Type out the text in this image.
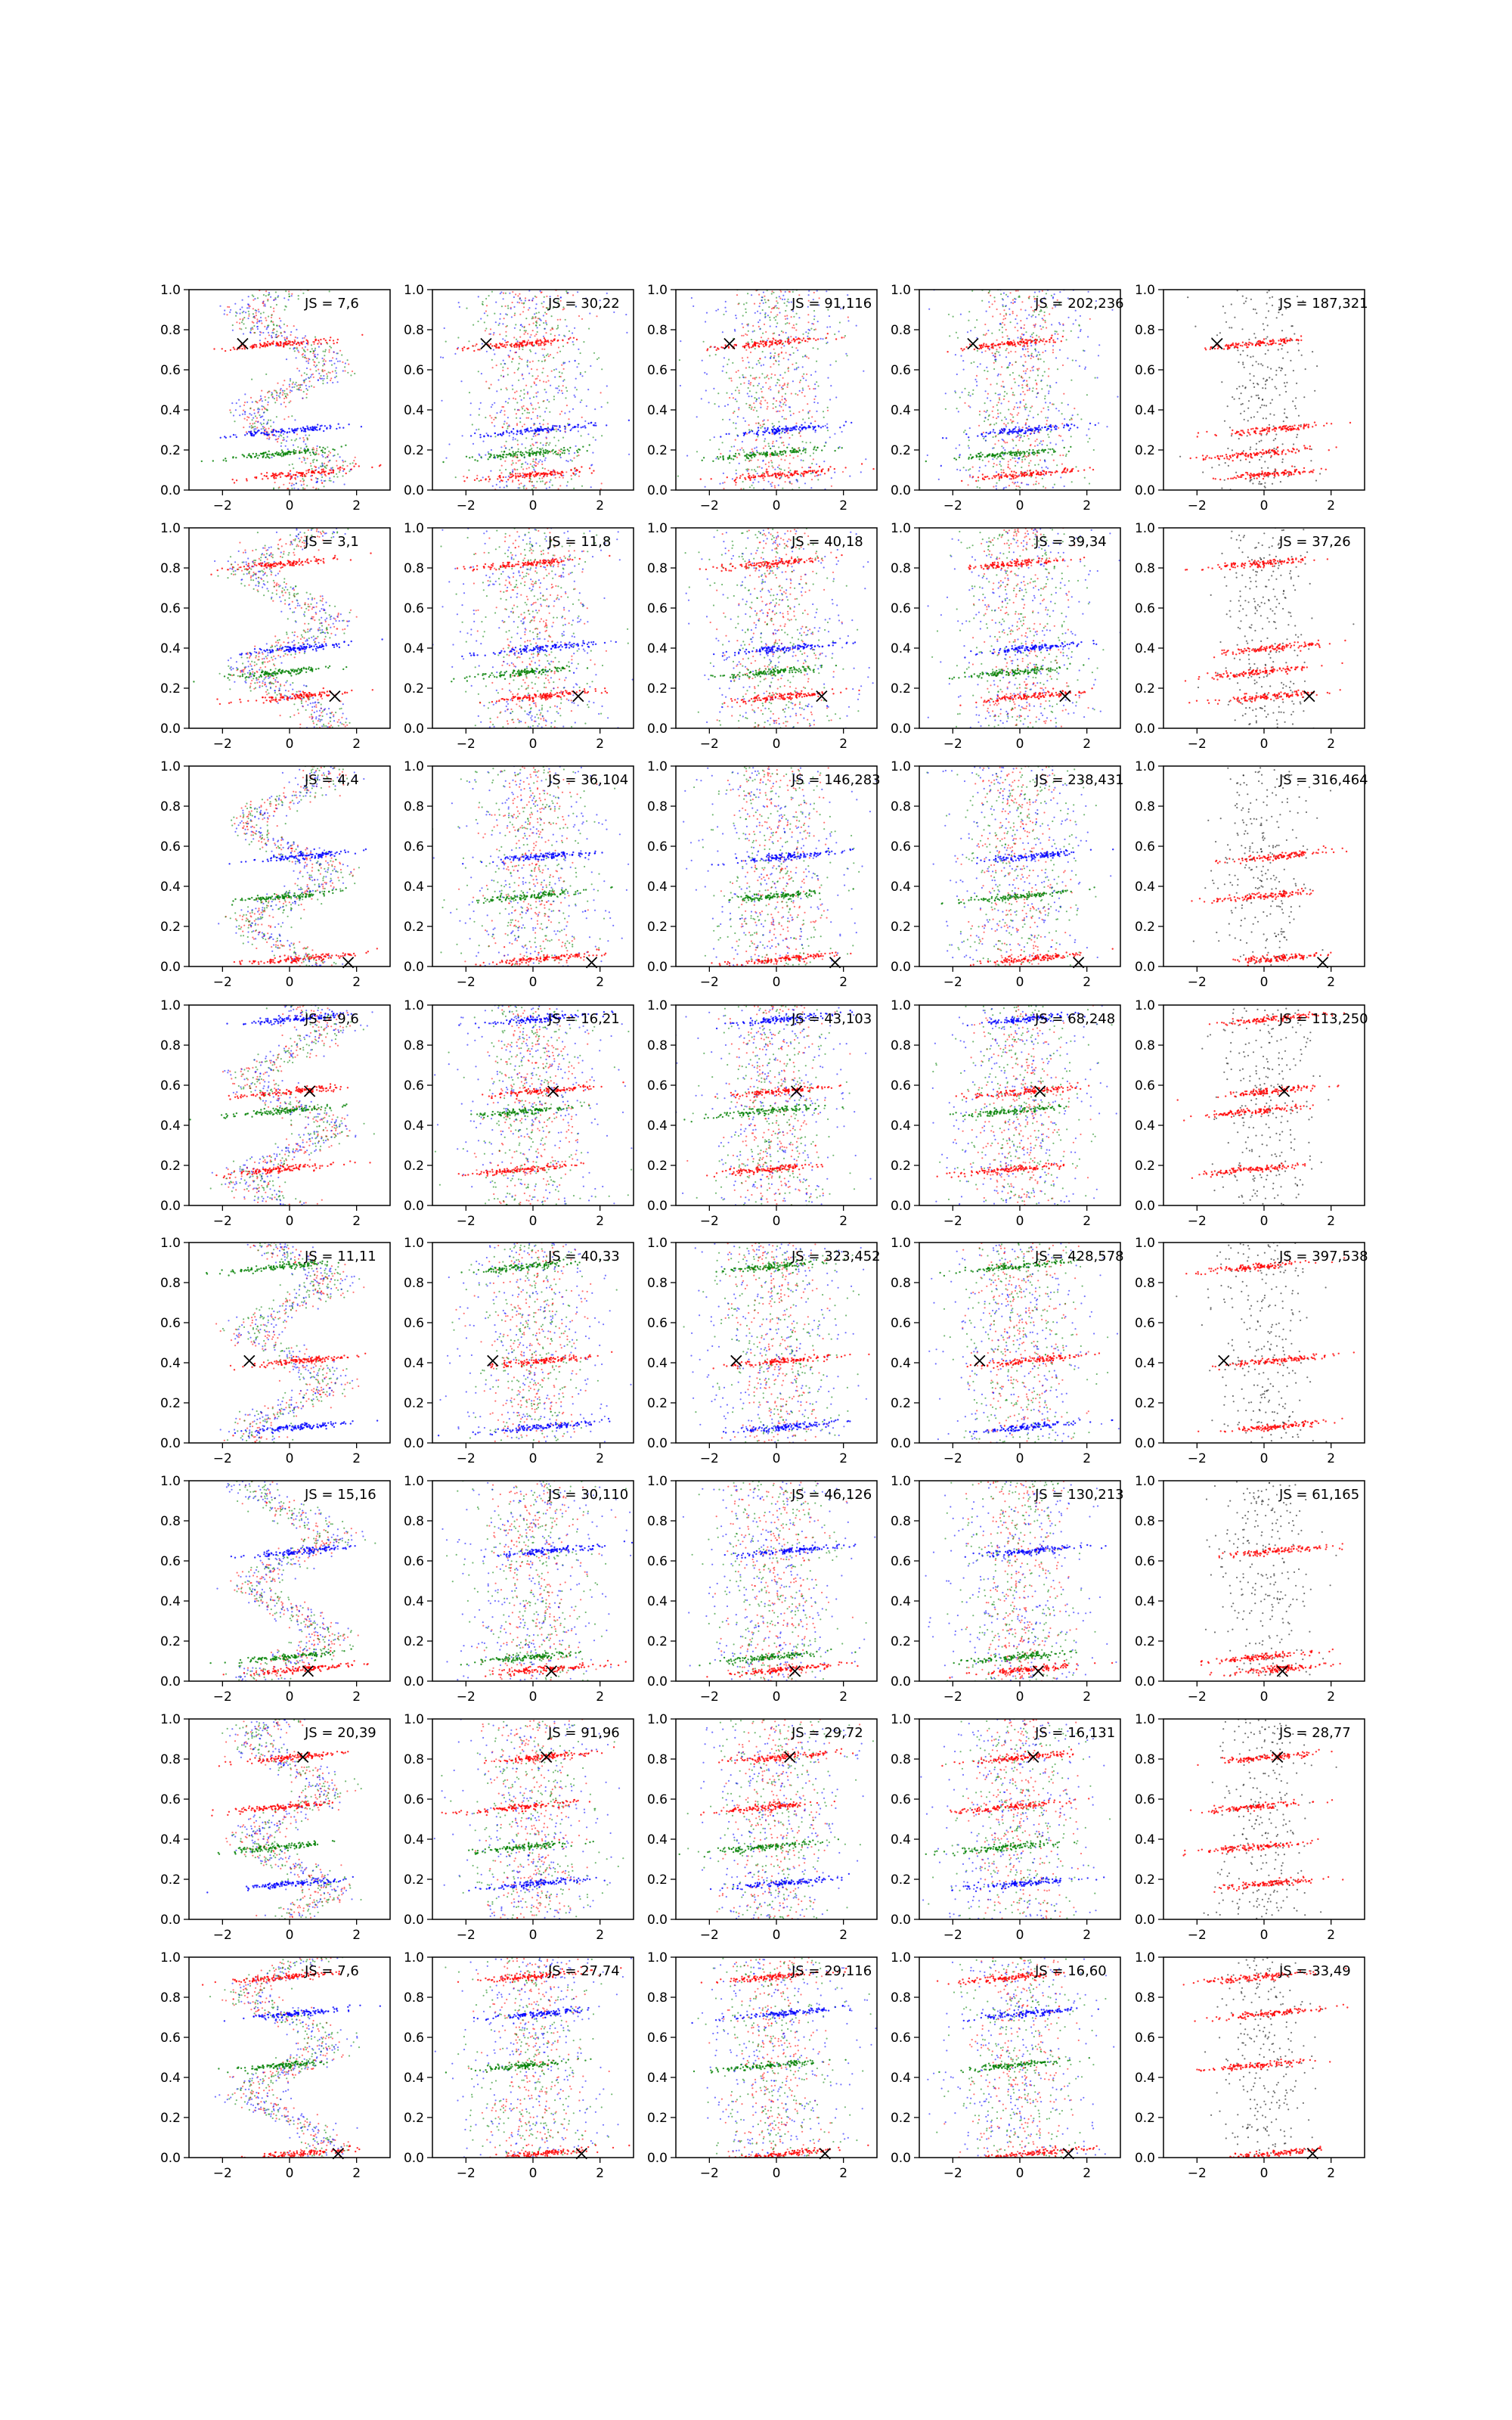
−2	0	2
0.0
0.2
0.4
0.6
0.8
1.0
JS = 7,6
−2	0	2
0.0
0.2
0.4
0.6
0.8
1.0
JS = 30,22
−2	0	2
0.0
0.2
0.4
0.6
0.8
1.0
JS = 91,116
−2	0	2
0.0
0.2
0.4
0.6
0.8
1.0
JS = 202,236
−2	0	2
0.0
0.2
0.4
0.6
0.8
1.0
JS = 187,321
−2	0	2
0.0
0.2
0.4
0.6
0.8
1.0
JS = 3,1
−2	0	2
0.0
0.2
0.4
0.6
0.8
1.0
JS = 11,8
−2	0	2
0.0
0.2
0.4
0.6
0.8
1.0
JS = 40,18
−2	0	2
0.0
0.2
0.4
0.6
0.8
1.0
JS = 39,34
−2	0	2
0.0
0.2
0.4
0.6
0.8
1.0
JS = 37,26
−2	0	2
0.0
0.2
0.4
0.6
0.8
1.0
JS = 4,4
−2	0	2
0.0
0.2
0.4
0.6
0.8
1.0
JS = 36,104
−2	0	2
0.0
0.2
0.4
0.6
0.8
1.0
JS = 146,283
−2	0	2
0.0
0.2
0.4
0.6
0.8
1.0
JS = 238,431
−2	0	2
0.0
0.2
0.4
0.6
0.8
1.0
JS = 316,464
−2	0	2
0.0
0.2
0.4
0.6
0.8
1.0
JS = 9,6
−2	0	2
0.0
0.2
0.4
0.6
0.8
1.0
JS = 16,21
−2	0	2
0.0
0.2
0.4
0.6
0.8
1.0
JS = 43,103
−2	0	2
0.0
0.2
0.4
0.6
0.8
1.0
JS = 68,248
−2	0	2
0.0
0.2
0.4
0.6
0.8
1.0
JS = 113,250
−2	0	2
0.0
0.2
0.4
0.6
0.8
1.0
JS = 11,11
−2	0	2
0.0
0.2
0.4
0.6
0.8
1.0
JS = 40,33
−2	0	2
0.0
0.2
0.4
0.6
0.8
1.0
JS = 323,452
−2	0	2
0.0
0.2
0.4
0.6
0.8
1.0
JS = 428,578
−2	0	2
0.0
0.2
0.4
0.6
0.8
1.0
JS = 397,538
−2	0	2
0.0
0.2
0.4
0.6
0.8
1.0
JS = 15,16
−2	0	2
0.0
0.2
0.4
0.6
0.8
1.0
JS = 30,110
−2	0	2
0.0
0.2
0.4
0.6
0.8
1.0
JS = 46,126
−2	0	2
0.0
0.2
0.4
0.6
0.8
1.0
JS = 130,213
−2	0	2
0.0
0.2
0.4
0.6
0.8
1.0
JS = 61,165
−2	0	2
0.0
0.2
0.4
0.6
0.8
1.0
JS = 20,39
−2	0	2
0.0
0.2
0.4
0.6
0.8
1.0
JS = 91,96
−2	0	2
0.0
0.2
0.4
0.6
0.8
1.0
JS = 29,72
−2	0	2
0.0
0.2
0.4
0.6
0.8
1.0
JS = 16,131
−2	0	2
0.0
0.2
0.4
0.6
0.8
1.0
JS = 28,77
−2	0	2
0.0
0.2
0.4
0.6
0.8
1.0
JS = 7,6
−2	0	2
0.0
0.2
0.4
0.6
0.8
1.0
JS = 27,74
−2	0	2
0.0
0.2
0.4
0.6
0.8
1.0
JS = 29,116
−2	0	2
0.0
0.2
0.4
0.6
0.8
1.0
JS = 16,60
−2	0	2
0.0
0.2
0.4
0.6
0.8
1.0
JS = 33,49
